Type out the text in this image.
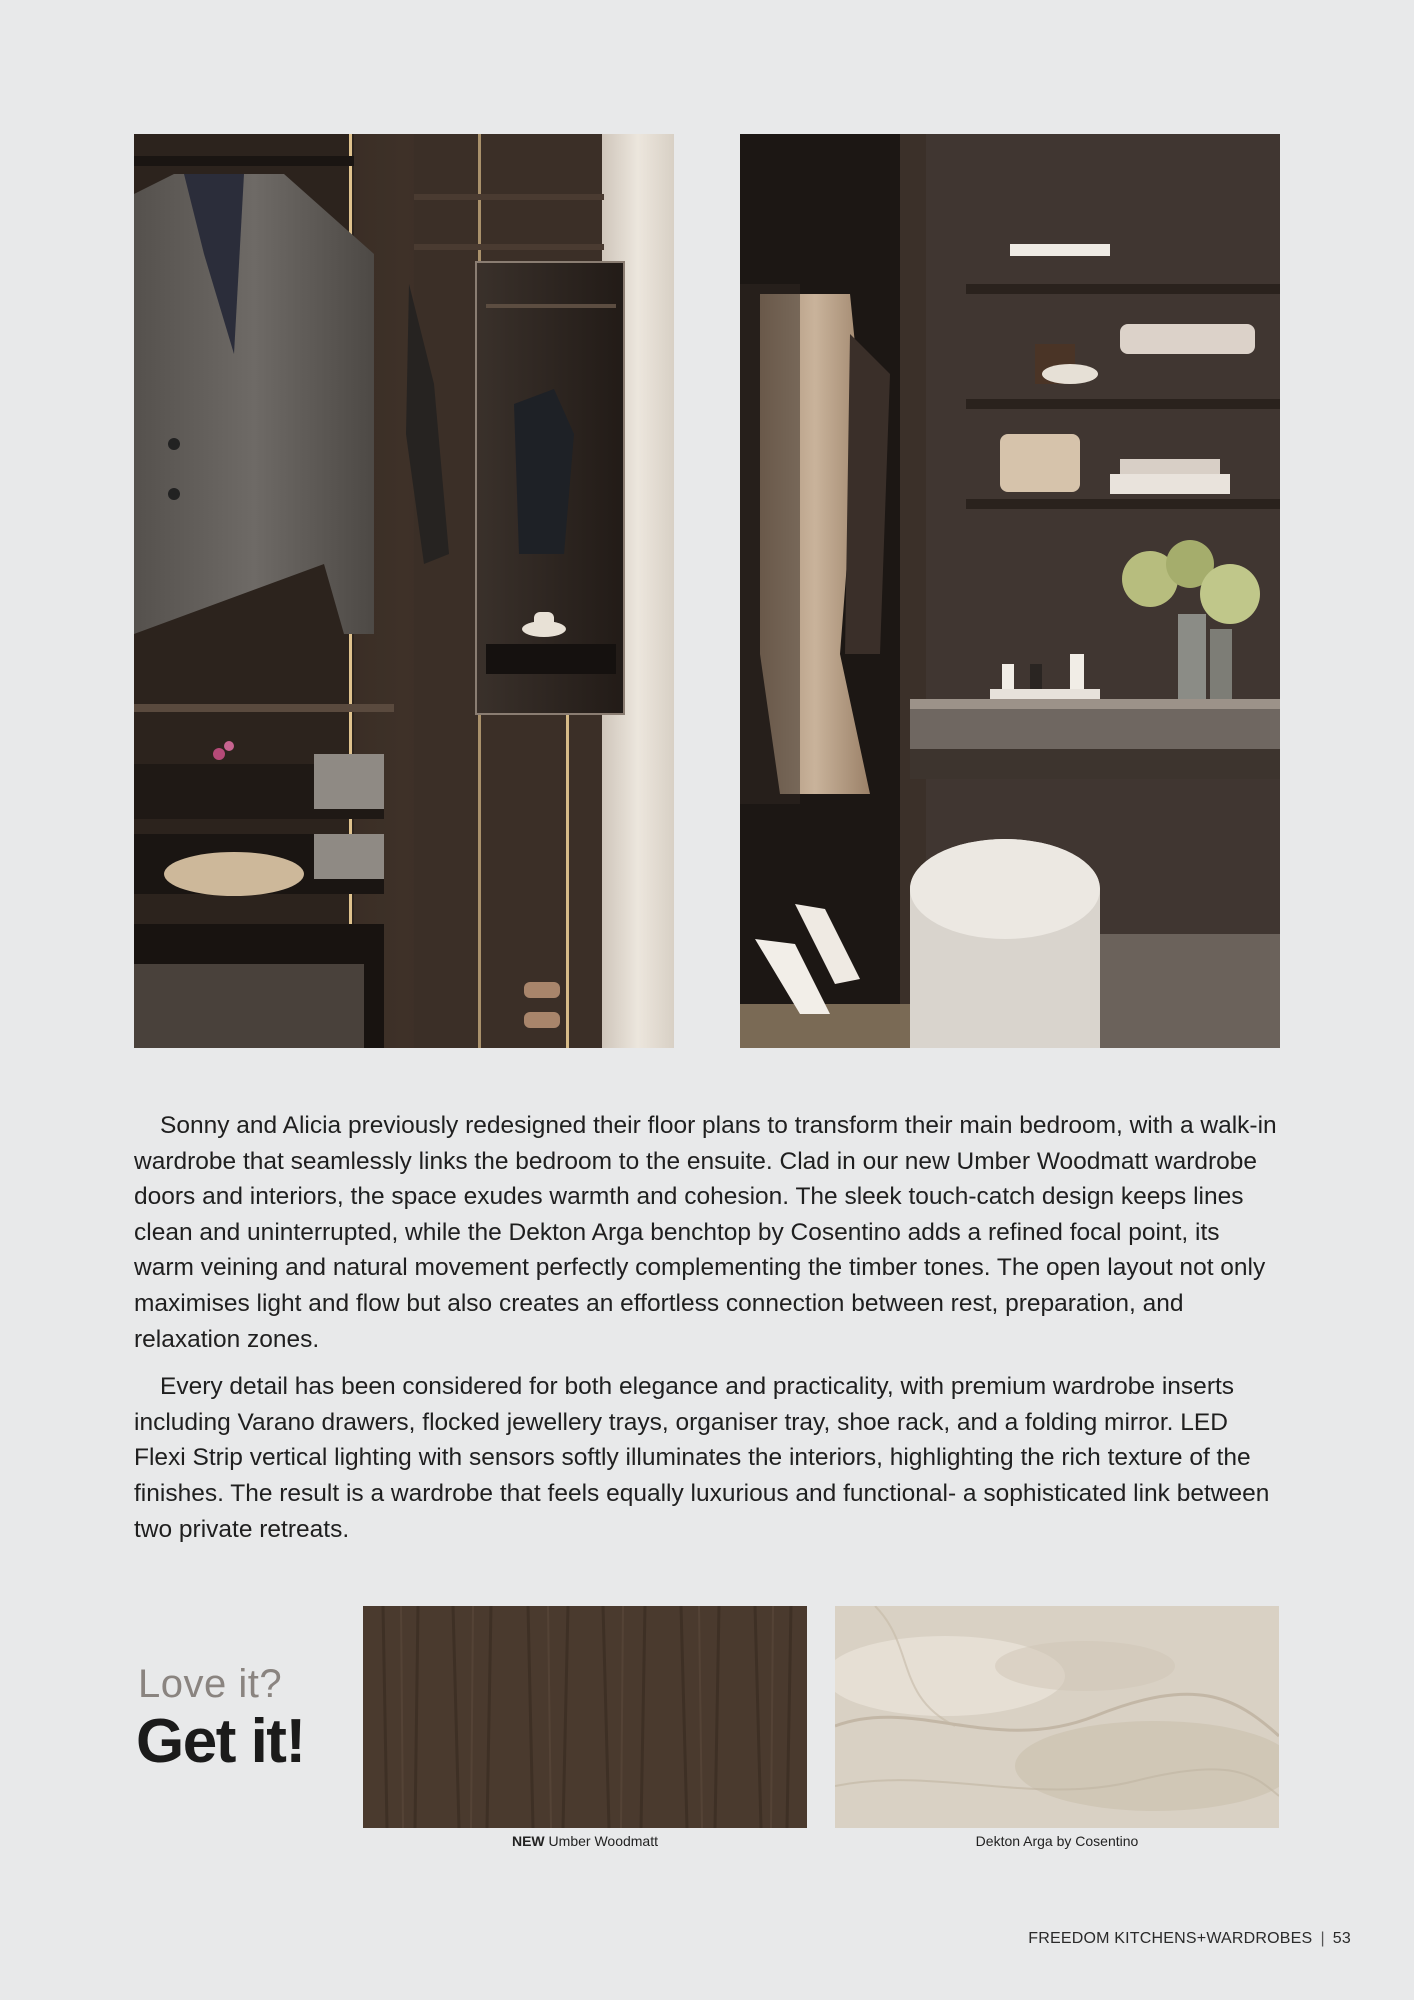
Sonny and Alicia previously redesigned their floor plans to transform their main bedroom, with a walk-in wardrobe that seamlessly links the bedroom to the ensuite. Clad in our new Umber Woodmatt wardrobe doors and interiors, the space exudes warmth and cohesion. The sleek touch-catch design keeps lines clean and uninterrupted, while the Dekton Arga benchtop by Cosentino adds a refined focal point, its warm veining and natural movement perfectly complementing the timber tones. The open layout not only maximises light and flow but also creates an effortless connection between rest, preparation, and relaxation zones.

Every detail has been considered for both elegance and practicality, with premium wardrobe inserts including Varano drawers, flocked jewellery trays, organiser tray, shoe rack, and a folding mirror. LED Flexi Strip vertical lighting with sensors softly illuminates the interiors, highlighting the rich texture of the finishes. The result is a wardrobe that feels equally luxurious and functional- a sophisticated link between two private retreats.

Love it?
Get it!
NEW Umber Woodmatt	Dekton Arga by Cosentino
FREEDOM KITCHENS+WARDROBES | 53
